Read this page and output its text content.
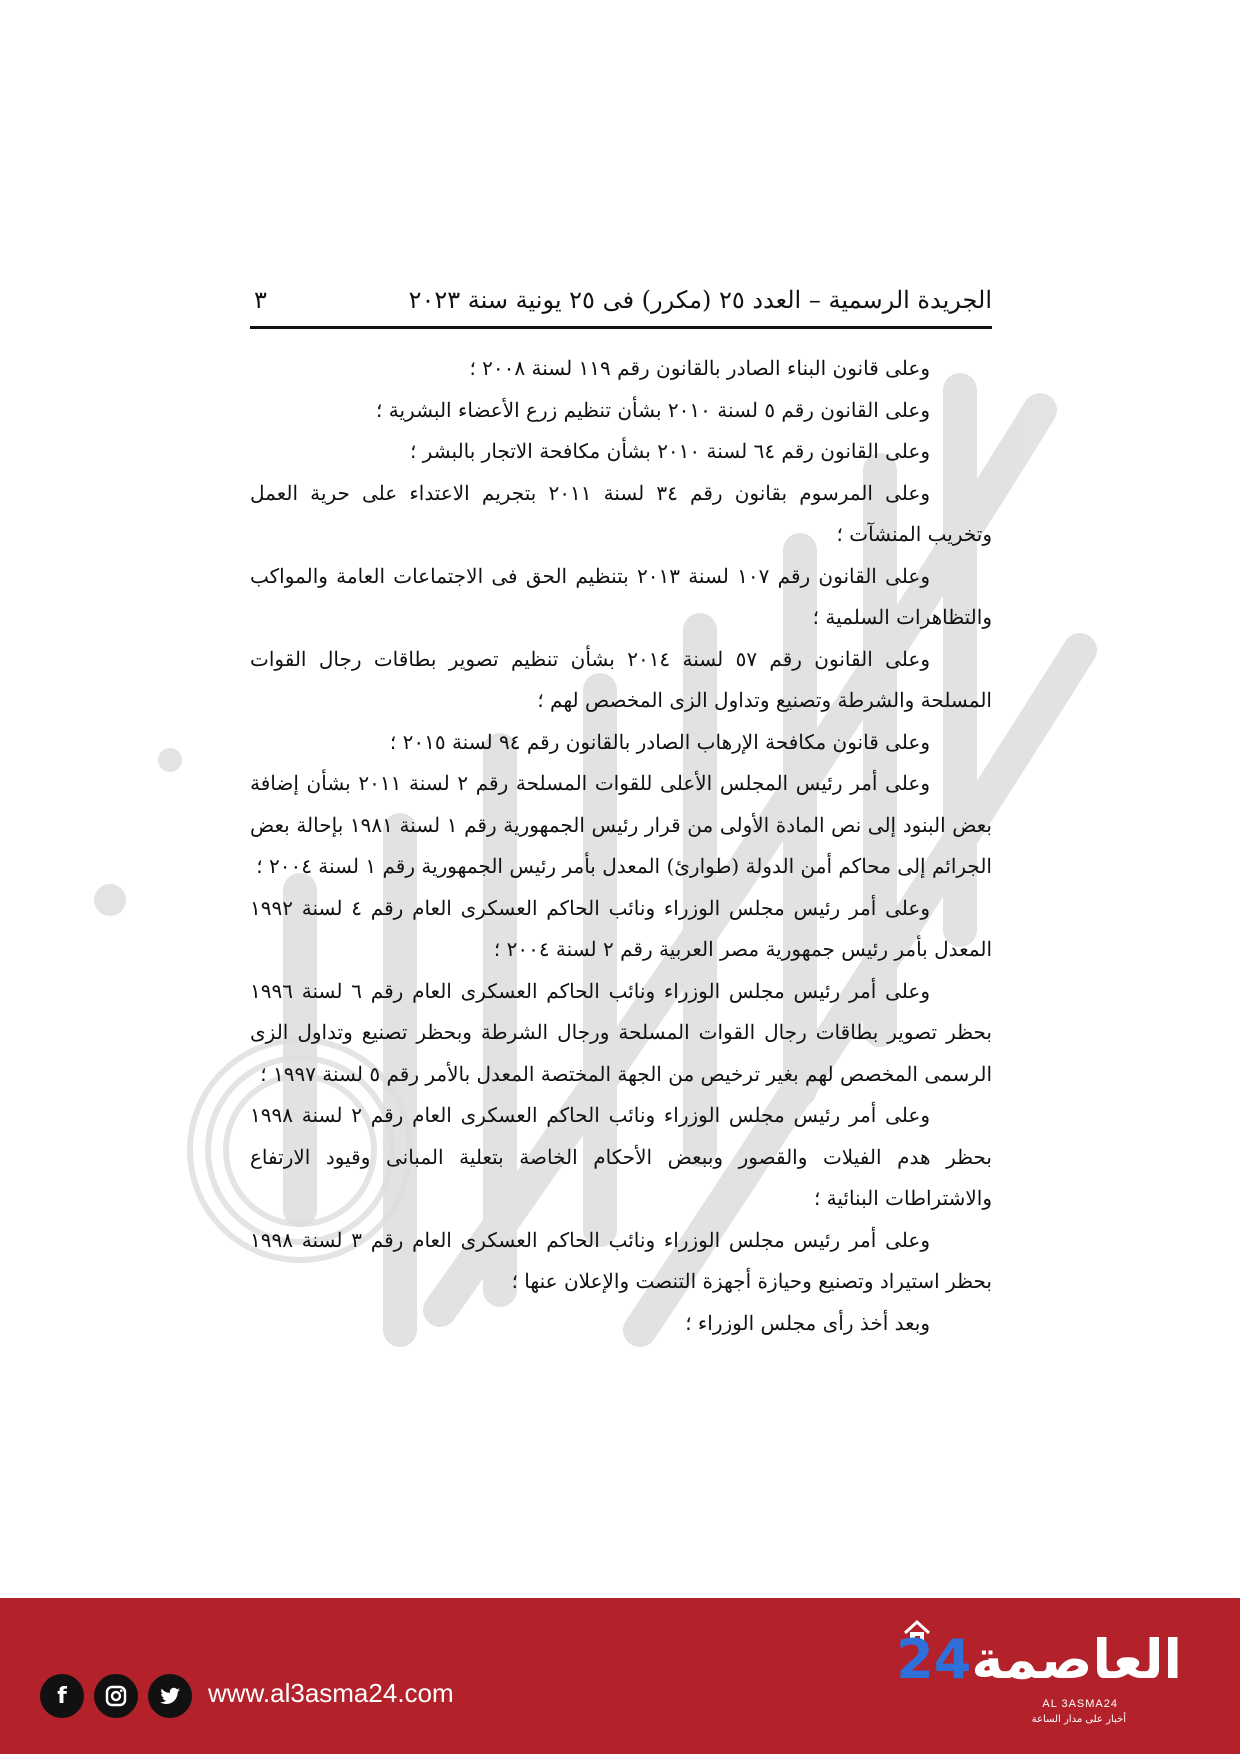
الجريدة الرسمية – العدد ٢٥ (مكرر) فى ٢٥ يونية سنة ٢٠٢٣
٣

وعلى قانون البناء الصادر بالقانون رقم ١١٩ لسنة ٢٠٠٨ ؛

وعلى القانون رقم ٥ لسنة ٢٠١٠ بشأن تنظيم زرع الأعضاء البشرية ؛

وعلى القانون رقم ٦٤ لسنة ٢٠١٠ بشأن مكافحة الاتجار بالبشر ؛

وعلى المرسوم بقانون رقم ٣٤ لسنة ٢٠١١ بتجريم الاعتداء على حرية العمل وتخريب المنشآت ؛

وعلى القانون رقم ١٠٧ لسنة ٢٠١٣ بتنظيم الحق فى الاجتماعات العامة والمواكب والتظاهرات السلمية ؛

وعلى القانون رقم ٥٧ لسنة ٢٠١٤ بشأن تنظيم تصوير بطاقات رجال القوات المسلحة والشرطة وتصنيع وتداول الزى المخصص لهم ؛

وعلى قانون مكافحة الإرهاب الصادر بالقانون رقم ٩٤ لسنة ٢٠١٥ ؛

وعلى أمر رئيس المجلس الأعلى للقوات المسلحة رقم ٢ لسنة ٢٠١١ بشأن إضافة بعض البنود إلى نص المادة الأولى من قرار رئيس الجمهورية رقم ١ لسنة ١٩٨١ بإحالة بعض الجرائم إلى محاكم أمن الدولة (طوارئ) المعدل بأمر رئيس الجمهورية رقم ١ لسنة ٢٠٠٤ ؛

وعلى أمر رئيس مجلس الوزراء ونائب الحاكم العسكرى العام رقم ٤ لسنة ١٩٩٢ المعدل بأمر رئيس جمهورية مصر العربية رقم ٢ لسنة ٢٠٠٤ ؛

وعلى أمر رئيس مجلس الوزراء ونائب الحاكم العسكرى العام رقم ٦ لسنة ١٩٩٦ بحظر تصوير بطاقات رجال القوات المسلحة ورجال الشرطة وبحظر تصنيع وتداول الزى الرسمى المخصص لهم بغير ترخيص من الجهة المختصة المعدل بالأمر رقم ٥ لسنة ١٩٩٧ ؛

وعلى أمر رئيس مجلس الوزراء ونائب الحاكم العسكرى العام رقم ٢ لسنة ١٩٩٨ بحظر هدم الفيلات والقصور وببعض الأحكام الخاصة بتعلية المبانى وقيود الارتفاع والاشتراطات البنائية ؛

وعلى أمر رئيس مجلس الوزراء ونائب الحاكم العسكرى العام رقم ٣ لسنة ١٩٩٨ بحظر استيراد وتصنيع وحيازة أجهزة التنصت والإعلان عنها ؛

وبعد أخذ رأى مجلس الوزراء ؛

f	www.al3asma24.com
العاصمة24
AL 3ASMA24
أخبار على مدار الساعة
